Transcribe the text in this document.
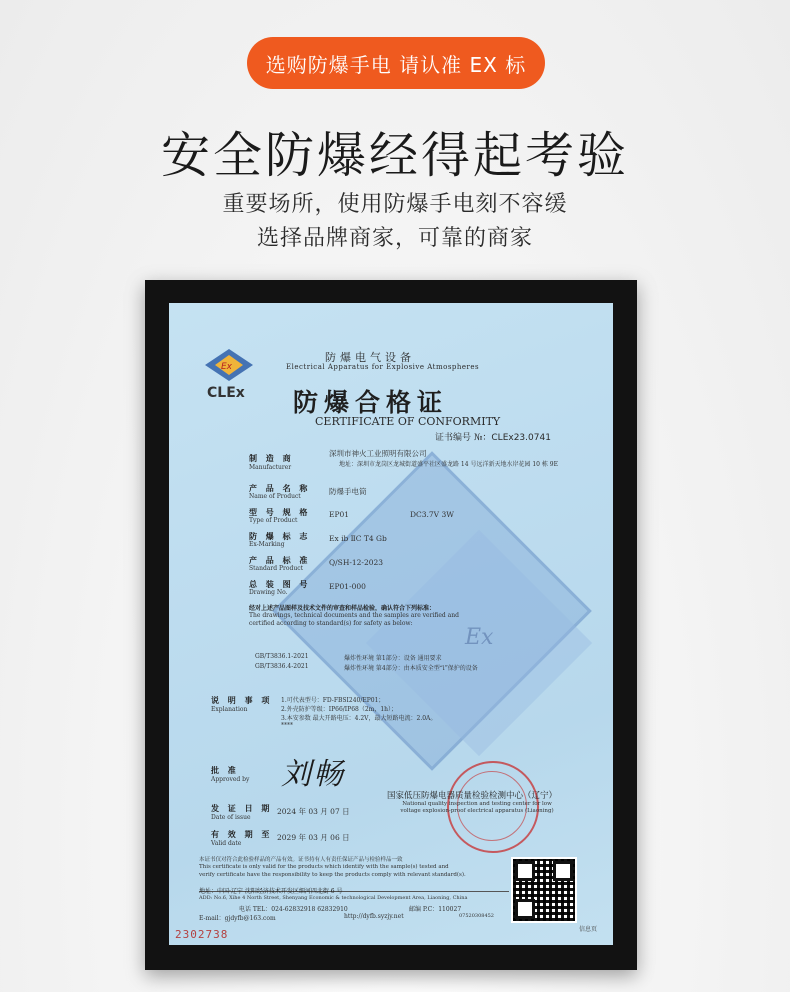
选购防爆手电 请认准 EX 标
安全防爆经得起考验
重要场所，使用防爆手电刻不容缓
选择品牌商家，可靠的商家
Ex
Ex
CLEx
防爆电气设备
Electrical Apparatus for Explosive Atmospheres
防爆合格证
CERTIFICATE OF CONFORMITY
证书编号 №：CLEx23.0741
制 造 商
Manufacturer
深圳市神火工业照明有限公司
地址：深圳市龙岗区龙城街道盛平社区盛龙路 14 号远洋新天地水岸花园 10 栋 9E
产 品 名 称
Name of Product
防爆手电筒
型 号 规 格
Type of Product
EP01	DC3.7V 3W
防 爆 标 志
Ex-Marking
Ex ib ⅡC T4 Gb
产 品 标 准
Standard Product
Q/SH-12-2023
总 装 图 号
Drawing No.
EP01-000
经对上述产品图样及技术文件的审查和样品检验，确认符合下列标准：
The drawings, technical documents and the samples are verified and
certified according to standard(s) for safety as below:
GB/T3836.1-2021	爆炸性环境 第1部分：设备 通用要求
GB/T3836.4-2021	爆炸性环境 第4部分：由本质安全型“i”保护的设备
说 明 事 项
Explanation
1.可代表型号：FD-FBSⅠ240/EP01；
2.外壳防护等级：IP66/IP68（2m，1h）；
3.本安参数 最大开路电压：4.2V，最大短路电流：2.0A。
****
批 准
Approved by 刘畅
国家低压防爆电器质量检验检测中心（辽宁）
National quality inspection and testing center for low voltage explosion-proof electrical apparatus (Liaoning)
发 证 日 期
Date of issue
2024 年 03 月 07 日
有 效 期 至
Valid date
2029 年 03 月 06 日
本证书仅对符合此检验样品的产品有效。证书持有人有责任保证产品与检验样品一致
This certificate is only valid for the products which identify with the sample(s) tested and
verify certificate have the responsibility to keep the products comply with relevant standard(s).
地址：中国·辽宁 沈阳经济技术开发区细河四北街 6 号
ADD: No.6, Xihe 4 North Street, Shenyang Economic & technological Development Area, Liaoning, China
电话 TEL：024-62832918 62832910	邮编 P.C：110027
E-mail：gjdyfb@163.com	http://dyfb.syzjy.net	07520308452
2302738	信息页
